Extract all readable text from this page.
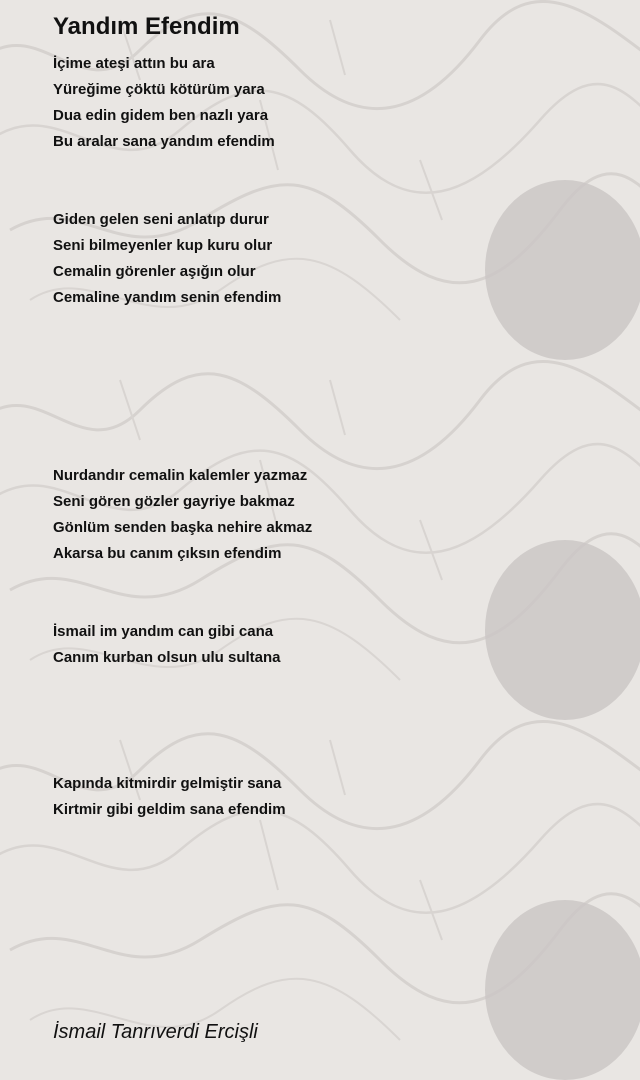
Yandım Efendim
İçime ateşi attın bu ara
Yüreğime çöktü kötürüm yara
Dua edin gidem ben nazlı yara
Bu aralar sana yandım efendim
Giden gelen seni anlatıp durur
Seni bilmeyenler kup kuru olur
Cemalin görenler aşığın olur
Cemaline yandım senin efendim
Nurdandır cemalin kalemler yazmaz
Seni gören gözler gayriye bakmaz
Gönlüm senden başka nehire akmaz
Akarsa bu canım çıksın efendim
İsmail im yandım can gibi cana
Canım kurban olsun ulu sultana
Kapında kitmirdir gelmiştir sana
Kirtmir gibi geldim sana efendim
İsmail Tanrıverdi Ercişli
